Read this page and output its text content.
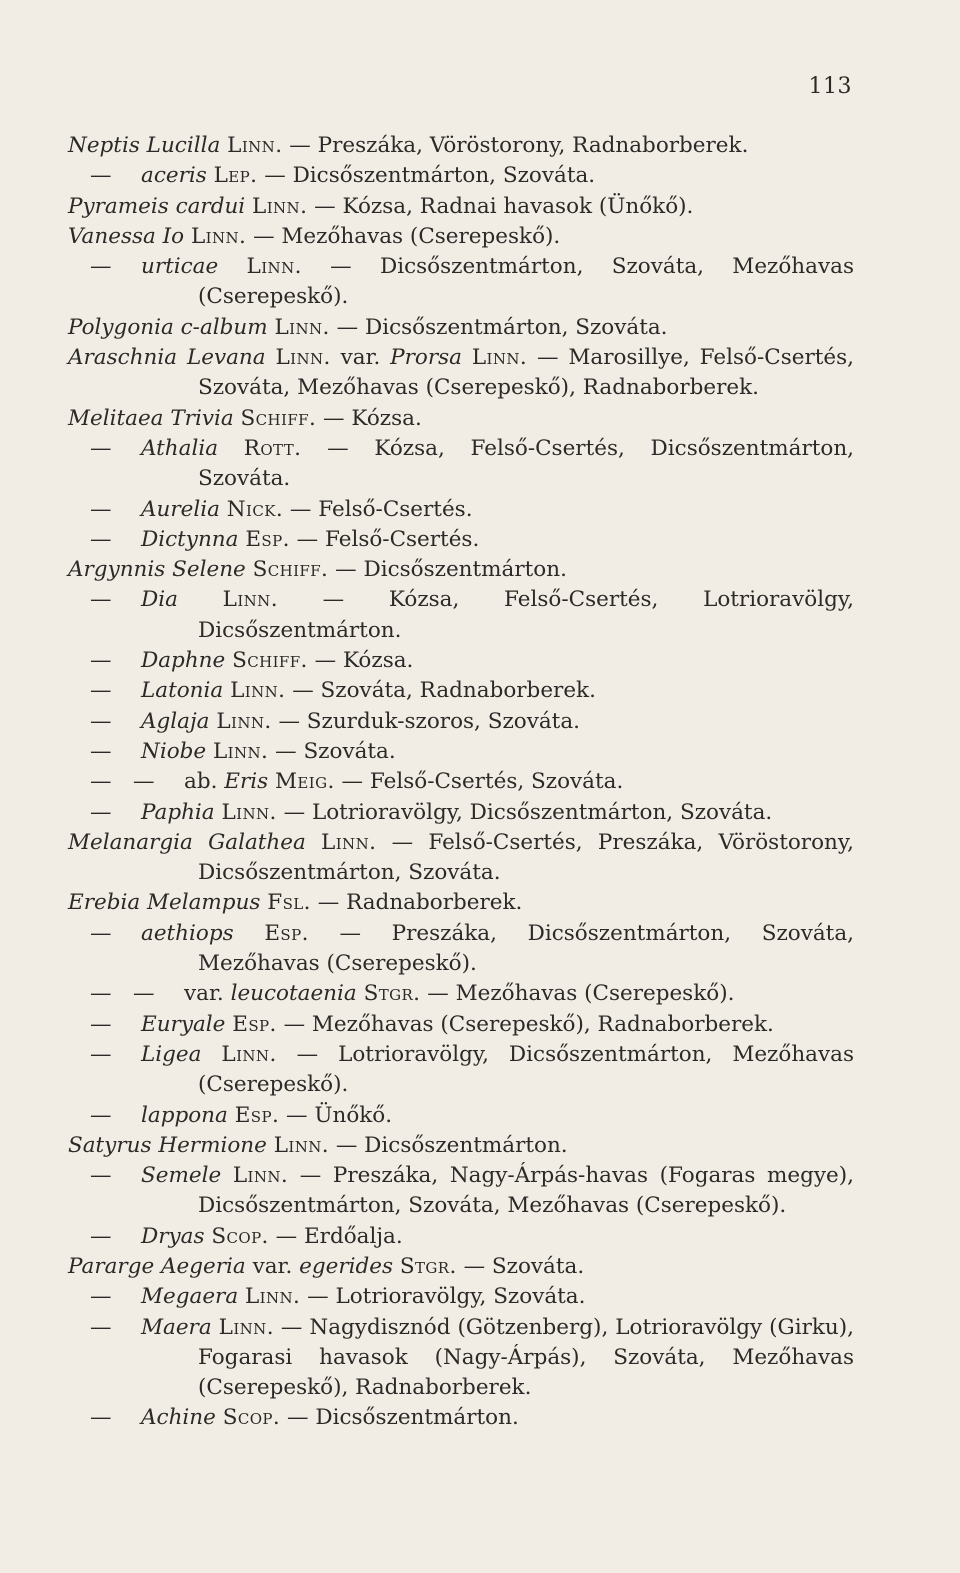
113

Neptis Lucilla Linn. — Preszáka, Vöröstorony, Radnaborberek.

— aceris Lep. — Dicsőszentmárton, Szováta.

Pyrameis cardui Linn. — Kózsa, Radnai havasok (Ünőkő).

Vanessa Io Linn. — Mezőhavas (Cserepeskő).

— urticae Linn. — Dicsőszentmárton, Szováta, Mezőhavas (Cserepeskő).

Polygonia c-album Linn. — Dicsőszentmárton, Szováta.

Araschnia Levana Linn. var. Prorsa Linn. — Marosillye, Felső-Csertés, Szováta, Mezőhavas (Cserepeskő), Radnaborberek.

Melitaea Trivia Schiff. — Kózsa.

— Athalia Rott. — Kózsa, Felső-Csertés, Dicsőszentmárton, Szováta.

— Aurelia Nick. — Felső-Csertés.

— Dictynna Esp. — Felső-Csertés.

Argynnis Selene Schiff. — Dicsőszentmárton.

— Dia Linn. — Kózsa, Felső-Csertés, Lotrioravölgy, Dicsőszentmárton.

— Daphne Schiff. — Kózsa.

— Latonia Linn. — Szováta, Radnaborberek.

— Aglaja Linn. — Szurduk-szoros, Szováta.

— Niobe Linn. — Szováta.

— — ab. Eris Meig. — Felső-Csertés, Szováta.

— Paphia Linn. — Lotrioravölgy, Dicsőszentmárton, Szováta.

Melanargia Galathea Linn. — Felső-Csertés, Preszáka, Vöröstorony, Dicsőszentmárton, Szováta.

Erebia Melampus Fsl. — Radnaborberek.

— aethiops Esp. — Preszáka, Dicsőszentmárton, Szováta, Mezőhavas (Cserepeskő).

— — var. leucotaenia Stgr. — Mezőhavas (Cserepeskő).

— Euryale Esp. — Mezőhavas (Cserepeskő), Radnaborberek.

— Ligea Linn. — Lotrioravölgy, Dicsőszentmárton, Mezőhavas (Cserepeskő).

— lappona Esp. — Ünőkő.

Satyrus Hermione Linn. — Dicsőszentmárton.

— Semele Linn. — Preszáka, Nagy-Árpás-havas (Fogaras megye), Dicsőszentmárton, Szováta, Mezőhavas (Cserepeskő).

— Dryas Scop. — Erdőalja.

Pararge Aegeria var. egerides Stgr. — Szováta.

— Megaera Linn. — Lotrioravölgy, Szováta.

— Maera Linn. — Nagydisznód (Götzenberg), Lotrioravölgy (Girku), Fogarasi havasok (Nagy-Árpás), Szováta, Mezőhavas (Cserepeskő), Radnaborberek.

— Achine Scop. — Dicsőszentmárton.
